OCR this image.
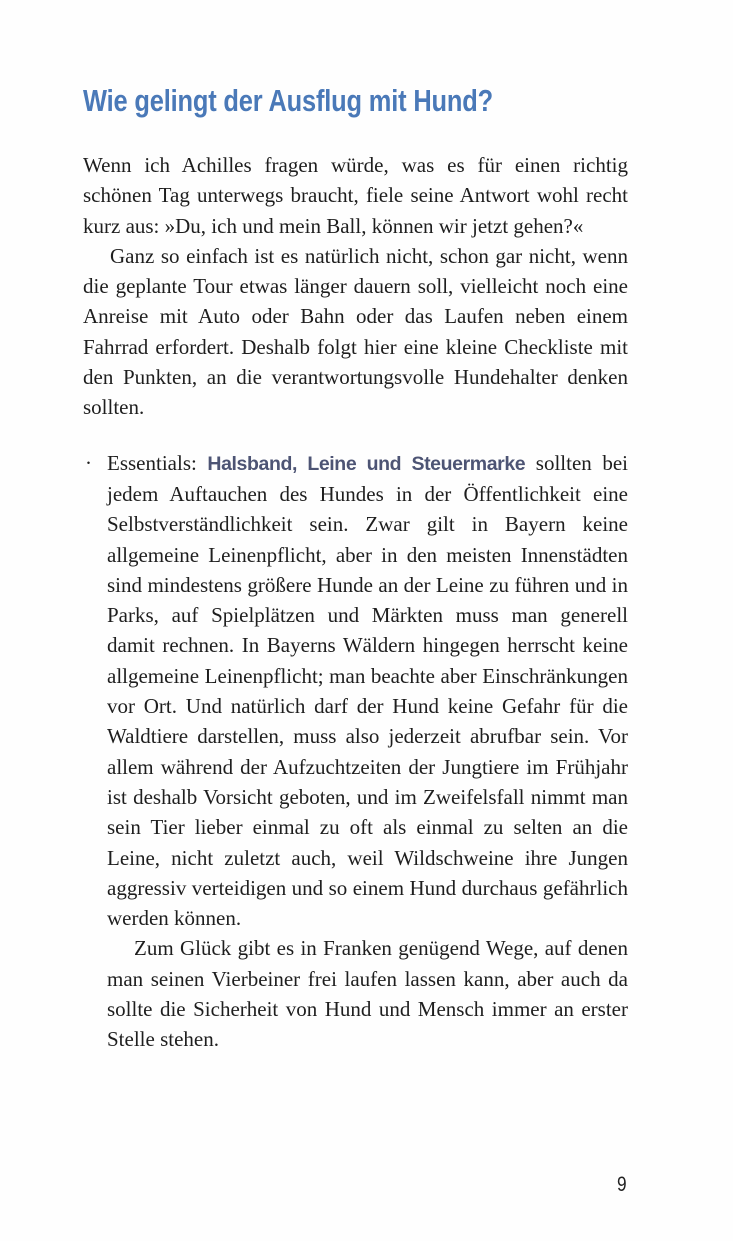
Wie gelingt der Ausflug mit Hund?

Wenn ich Achilles fragen würde, was es für einen richtig schönen Tag unterwegs braucht, fiele seine Antwort wohl recht kurz aus: »Du, ich und mein Ball, können wir jetzt gehen?«

Ganz so einfach ist es natürlich nicht, schon gar nicht, wenn die geplante Tour etwas länger dauern soll, vielleicht noch eine Anreise mit Auto oder Bahn oder das Laufen neben einem Fahrrad erfordert. Deshalb folgt hier eine kleine Checkliste mit den Punkten, an die verantwortungsvolle Hundehalter denken sollten.

· Essentials: Halsband, Leine und Steuermarke sollten bei jedem Auftauchen des Hundes in der Öffentlichkeit eine Selbstverständlichkeit sein. Zwar gilt in Bayern keine allgemeine Leinenpflicht, aber in den meisten Innenstädten sind mindestens größere Hunde an der Leine zu führen und in Parks, auf Spielplätzen und Märkten muss man generell damit rechnen. In Bayerns Wäldern hingegen herrscht keine allgemeine Leinenpflicht; man beachte aber Einschränkungen vor Ort. Und natürlich darf der Hund keine Gefahr für die Waldtiere darstellen, muss also jederzeit abrufbar sein. Vor allem während der Aufzuchtzeiten der Jungtiere im Frühjahr ist deshalb Vorsicht geboten, und im Zweifelsfall nimmt man sein Tier lieber einmal zu oft als einmal zu selten an die Leine, nicht zuletzt auch, weil Wildschweine ihre Jungen aggressiv verteidigen und so einem Hund durchaus gefährlich werden können.

Zum Glück gibt es in Franken genügend Wege, auf denen man seinen Vierbeiner frei laufen lassen kann, aber auch da sollte die Sicherheit von Hund und Mensch immer an erster Stelle stehen.

9
